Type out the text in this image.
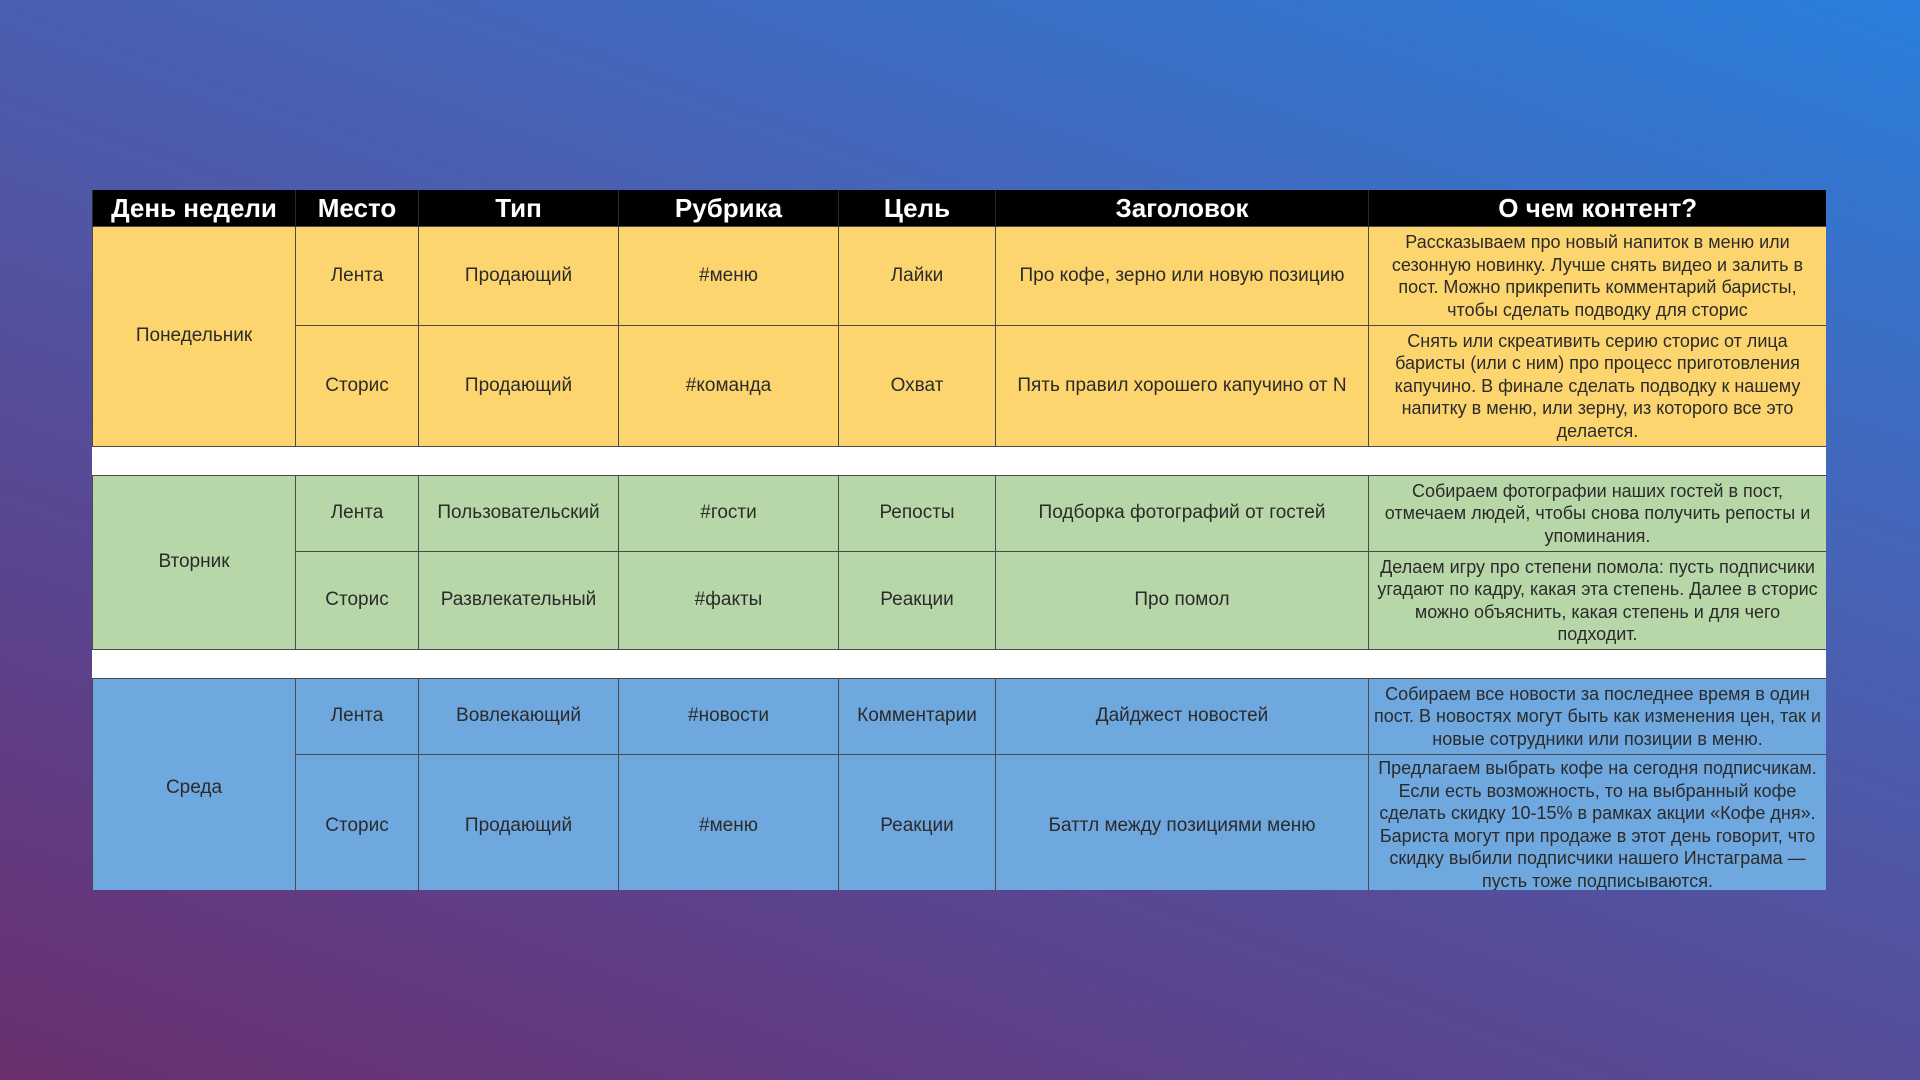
День недели	Место	Тип	Рубрика	Цель	Заголовок	О чем контент?
Понедельник	Лента	Продающий	#меню	Лайки	Про кофе, зерно или новую позицию	Рассказываем про новый напиток в меню или сезонную новинку. Лучше снять видео и залить в пост. Можно прикрепить комментарий баристы, чтобы сделать подводку для сторис
	Сторис	Продающий	#команда	Охват	Пять правил хорошего капучино от N	Снять или скреативить серию сторис от лица баристы (или с ним) про процесс приготовления капучино. В финале сделать подводку к нашему напитку в меню, или зерну, из которого все это делается.

Вторник	Лента	Пользовательский	#гости	Репосты	Подборка фотографий от гостей	Собираем фотографии наших гостей в пост, отмечаем людей, чтобы снова получить репосты и упоминания.
	Сторис	Развлекательный	#факты	Реакции	Про помол	Делаем игру про степени помола: пусть подписчики угадают по кадру, какая эта степень. Далее в сторис можно объяснить, какая степень и для чего подходит.

Среда	Лента	Вовлекающий	#новости	Комментарии	Дайджест новостей	Собираем все новости за последнее время в один пост. В новостях могут быть как изменения цен, так и новые сотрудники или позиции в меню.
	Сторис	Продающий	#меню	Реакции	Баттл между позициями меню	Предлагаем выбрать кофе на сегодня подписчикам. Если есть возможность, то на выбранный кофе сделать скидку 10-15% в рамках акции «Кофе дня». Бариста могут при продаже в этот день говорит, что скидку выбили подписчики нашего Инстаграма — пусть тоже подписываются.
